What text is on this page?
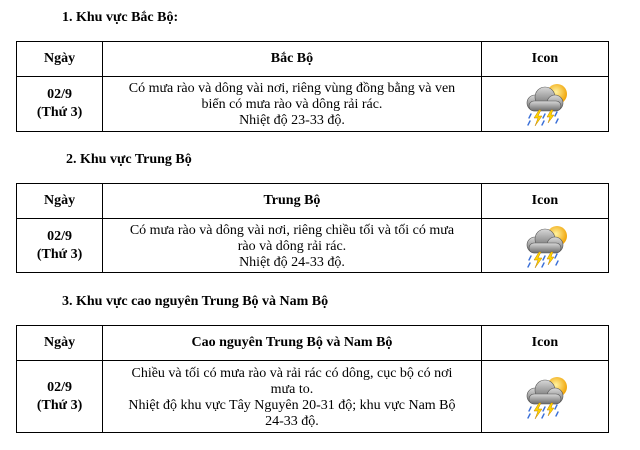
1. Khu vực Bắc Bộ:
Ngày	Bắc Bộ	Icon

02/9
(Thứ 3)	Có mưa rào và dông vài nơi, riêng vùng đồng bằng và ven
biển có mưa rào và dông rải rác.
Nhiệt độ 23-33 độ.

2. Khu vực Trung Bộ
Ngày	Trung Bộ	Icon

02/9
(Thứ 3)	Có mưa rào và dông vài nơi, riêng chiều tối và tối có mưa
rào và dông rải rác.
Nhiệt độ 24-33 độ.

3. Khu vực cao nguyên Trung Bộ và Nam Bộ
Ngày	Cao nguyên Trung Bộ và Nam Bộ	Icon

02/9
(Thứ 3)	Chiều và tối có mưa rào và rải rác có dông, cục bộ có nơi
mưa to.
Nhiệt độ khu vực Tây Nguyên 20-31 độ; khu vực Nam Bộ
24-33 độ.
